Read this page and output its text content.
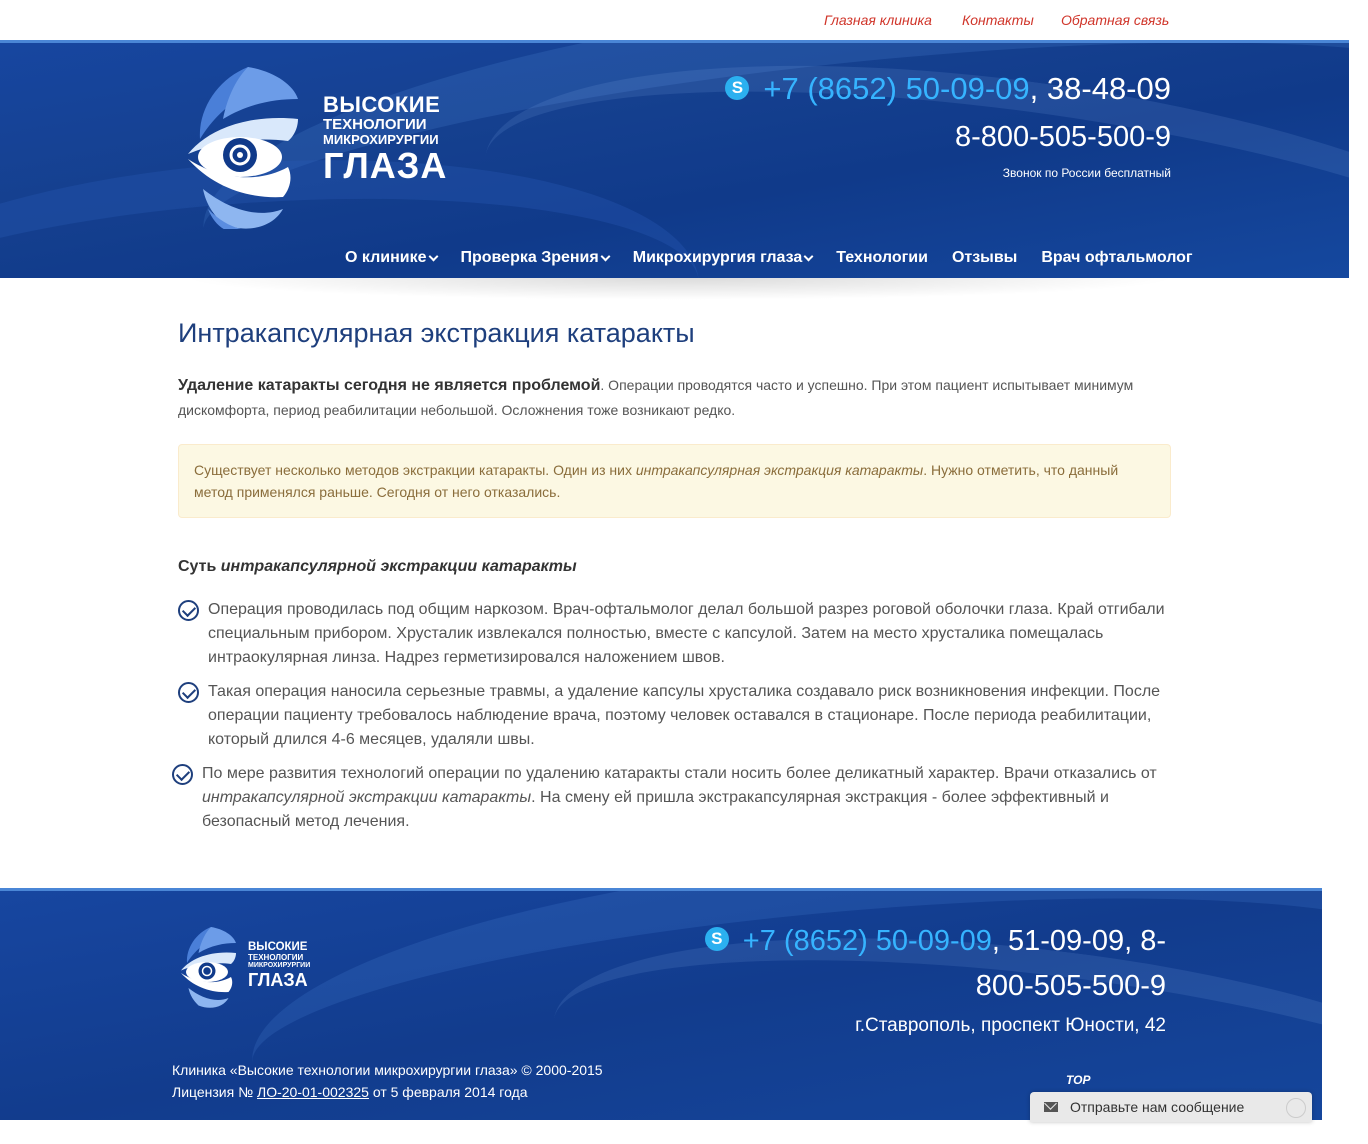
Глазная клиника Контакты Обратная связь
ВЫСОКИЕ
ТЕХНОЛОГИИ
МИКРОХИРУРГИИ
ГЛАЗА
S +7 (8652) 50-09-09, 38-48-09
8-800-505-500-9
Звонок по России бесплатный
О клинике Проверка Зрения Микрохирургия глаза Технологии Отзывы Врач офтальмолог
Интракапсулярная экстракция катаракты

Удаление катаракты сегодня не является проблемой. Операции проводятся часто и успешно. При этом пациент испытывает минимум дискомфорта, период реабилитации небольшой. Осложнения тоже возникают редко.

Существует несколько методов экстракции катаракты. Один из них интракапсулярная экстракция катаракты. Нужно отметить, что данный метод применялся раньше. Сегодня от него отказались.
Суть интракапсулярной экстракции катаракты
Операция проводилась под общим наркозом. Врач-офтальмолог делал большой разрез роговой оболочки глаза. Край отгибали специальным прибором. Хрусталик извлекался полностью, вместе с капсулой. Затем на место хрусталика помещалась интраокулярная линза. Надрез герметизировался наложением швов.
Такая операция наносила серьезные травмы, а удаление капсулы хрусталика создавало риск возникновения инфекции. После операции пациенту требовалось наблюдение врача, поэтому человек оставался в стационаре. После периода реабилитации, который длился 4-6 месяцев, удаляли швы.
По мере развития технологий операции по удалению катаракты стали носить более деликатный характер. Врачи отказались от интракапсулярной экстракции катаракты. На смену ей пришла экстракапсулярная экстракция - более эффективный и безопасный метод лечения.
ВЫСОКИЕ
ТЕХНОЛОГИИ
МИКРОХИРУРГИИ
ГЛАЗА
S +7 (8652) 50-09-09, 51-09-09, 8-
800-505-500-9
г.Ставрополь, проспект Юности, 42
Клиника «Высокие технологии микрохирургии глаза» © 2000-2015
Лицензия № ЛО-20-01-002325 от 5 февраля 2014 года
TOP
Отправьте нам сообщение
